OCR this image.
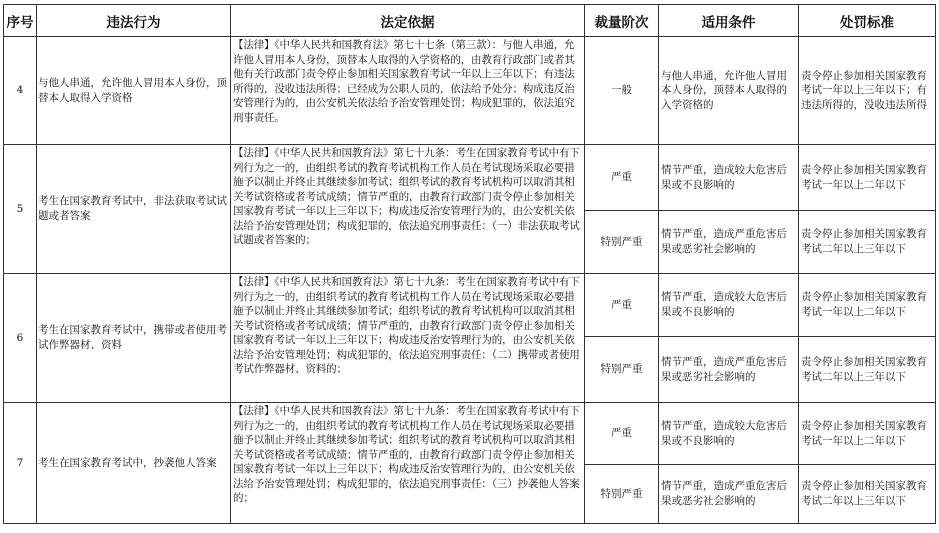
序号	违法行为	法定依据	裁量阶次	适用条件	处罚标准
4	与他人串通，允许他人冒用本人身份，顶替本人取得入学资格	【法律】《中华人民共和国教育法》第七十七条（第三款）：与他人串通，允许他人冒用本人身份，顶替本人取得的入学资格的，由教育行政部门或者其他有关行政部门责令停止参加相关国家教育考试一年以上三年以下；有违法所得的，没收违法所得；已经成为公职人员的，依法给予处分；构成违反治安管理行为的，由公安机关依法给予治安管理处罚；构成犯罪的，依法追究刑事责任。	一般	与他人串通，允许他人冒用本人身份，顶替本人取得的入学资格的	责令停止参加相关国家教育考试一年以上三年以下；有违法所得的，没收违法所得
5	考生在国家教育考试中，非法获取考试试题或者答案	【法律】《中华人民共和国教育法》第七十九条：考生在国家教育考试中有下列行为之一的，由组织考试的教育考试机构工作人员在考试现场采取必要措施予以制止并终止其继续参加考试；组织考试的教育考试机构可以取消其相关考试资格或者考试成绩；情节严重的，由教育行政部门责令停止参加相关国家教育考试一年以上三年以下；构成违反治安管理行为的，由公安机关依法给予治安管理处罚；构成犯罪的，依法追究刑事责任：（一）非法获取考试试题或者答案的；	严重	情节严重，造成较大危害后果或不良影响的	责令停止参加相关国家教育考试一年以上二年以下
			特别严重	情节严重，造成严重危害后果或恶劣社会影响的	责令停止参加相关国家教育考试二年以上三年以下
6	考生在国家教育考试中，携带或者使用考试作弊器材、资料	【法律】《中华人民共和国教育法》第七十九条：考生在国家教育考试中有下列行为之一的，由组织考试的教育考试机构工作人员在考试现场采取必要措施予以制止并终止其继续参加考试；组织考试的教育考试机构可以取消其相关考试资格或者考试成绩；情节严重的，由教育行政部门责令停止参加相关国家教育考试一年以上三年以下；构成违反治安管理行为的，由公安机关依法给予治安管理处罚；构成犯罪的，依法追究刑事责任：（二）携带或者使用考试作弊器材、资料的；	严重	情节严重，造成较大危害后果或不良影响的	责令停止参加相关国家教育考试一年以上二年以下
			特别严重	情节严重，造成严重危害后果或恶劣社会影响的	责令停止参加相关国家教育考试二年以上三年以下
7	考生在国家教育考试中，抄袭他人答案	【法律】《中华人民共和国教育法》第七十九条：考生在国家教育考试中有下列行为之一的，由组织考试的教育考试机构工作人员在考试现场采取必要措施予以制止并终止其继续参加考试；组织考试的教育考试机构可以取消其相关考试资格或者考试成绩；情节严重的，由教育行政部门责令停止参加相关国家教育考试一年以上三年以下；构成违反治安管理行为的，由公安机关依法给予治安管理处罚；构成犯罪的，依法追究刑事责任：（三）抄袭他人答案的；	严重	情节严重，造成较大危害后果或不良影响的	责令停止参加相关国家教育考试一年以上二年以下
			特别严重	情节严重，造成严重危害后果或恶劣社会影响的	责令停止参加相关国家教育考试二年以上三年以下
